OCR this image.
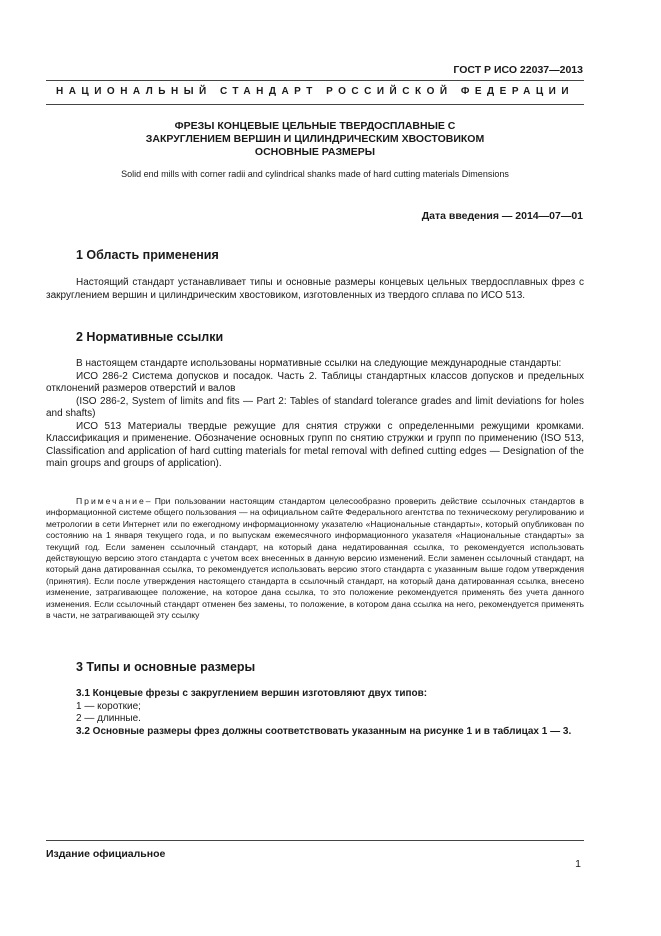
ГОСТ Р ИСО 22037—2013
НАЦИОНАЛЬНЫЙ СТАНДАРТ РОССИЙСКОЙ ФЕДЕРАЦИИ
ФРЕЗЫ КОНЦЕВЫЕ ЦЕЛЬНЫЕ ТВЕРДОСПЛАВНЫЕ С
ЗАКРУГЛЕНИЕМ ВЕРШИН И ЦИЛИНДРИЧЕСКИМ ХВОСТОВИКОМ
ОСНОВНЫЕ РАЗМЕРЫ
Solid end mills with corner radii and cylindrical shanks made of hard cutting materials Dimensions
Дата введения — 2014—07—01
1 Область применения

Настоящий стандарт устанавливает типы и основные размеры концевых цельных твердосплавных фрез с закруглением вершин и цилиндрическим хвостовиком, изготовленных из твердого сплава по ИСО 513.

2 Нормативные ссылки

В настоящем стандарте использованы нормативные ссылки на следующие международные стандарты:

ИСО 286-2 Система допусков и посадок. Часть 2. Таблицы стандартных классов допусков и предельных отклонений размеров отверстий и валов

(ISO 286-2, System of limits and fits — Part 2: Tables of standard tolerance grades and limit deviations for holes and shafts)

ИСО 513 Материалы твердые режущие для снятия стружки с определенными режущими кромками. Классификация и применение. Обозначение основных групп по снятию стружки и групп по применению (ISO 513, Classification and application of hard cutting materials for metal removal with defined cutting edges — Designation of the main groups and groups of application).

Примечание– При пользовании настоящим стандартом целесообразно проверить действие ссылочных стандартов в информационной системе общего пользования — на официальном сайте Федерального агентства по техническому регулированию и метрологии в сети Интернет или по ежегодному информационному указателю «Национальные стандарты», который опубликован по состоянию на 1 января текущего года, и по выпускам ежемесячного информационного указателя «Национальные стандарты» за текущий год. Если заменен ссылочный стандарт, на который дана недатированная ссылка, то рекомендуется использовать действующую версию этого стандарта с учетом всех внесенных в данную версию изменений. Если заменен ссылочный стандарт, на который дана датированная ссылка, то рекомендуется использовать версию этого стандарта с указанным выше годом утверждения (принятия). Если после утверждения настоящего стандарта в ссылочный стандарт, на который дана датированная ссылка, внесено изменение, затрагивающее положение, на которое дана ссылка, то это положение рекомендуется применять без учета данного изменения. Если ссылочный стандарт отменен без замены, то положение, в котором дана ссылка на него, рекомендуется применять в части, не затрагивающей эту ссылку
3 Типы и основные размеры

3.1 Концевые фрезы с закруглением вершин изготовляют двух типов:

1 — короткие;

2 — длинные.

3.2 Основные размеры фрез должны соответствовать указанным на рисунке 1 и в таблицах 1 — 3.

Издание официальное
1
